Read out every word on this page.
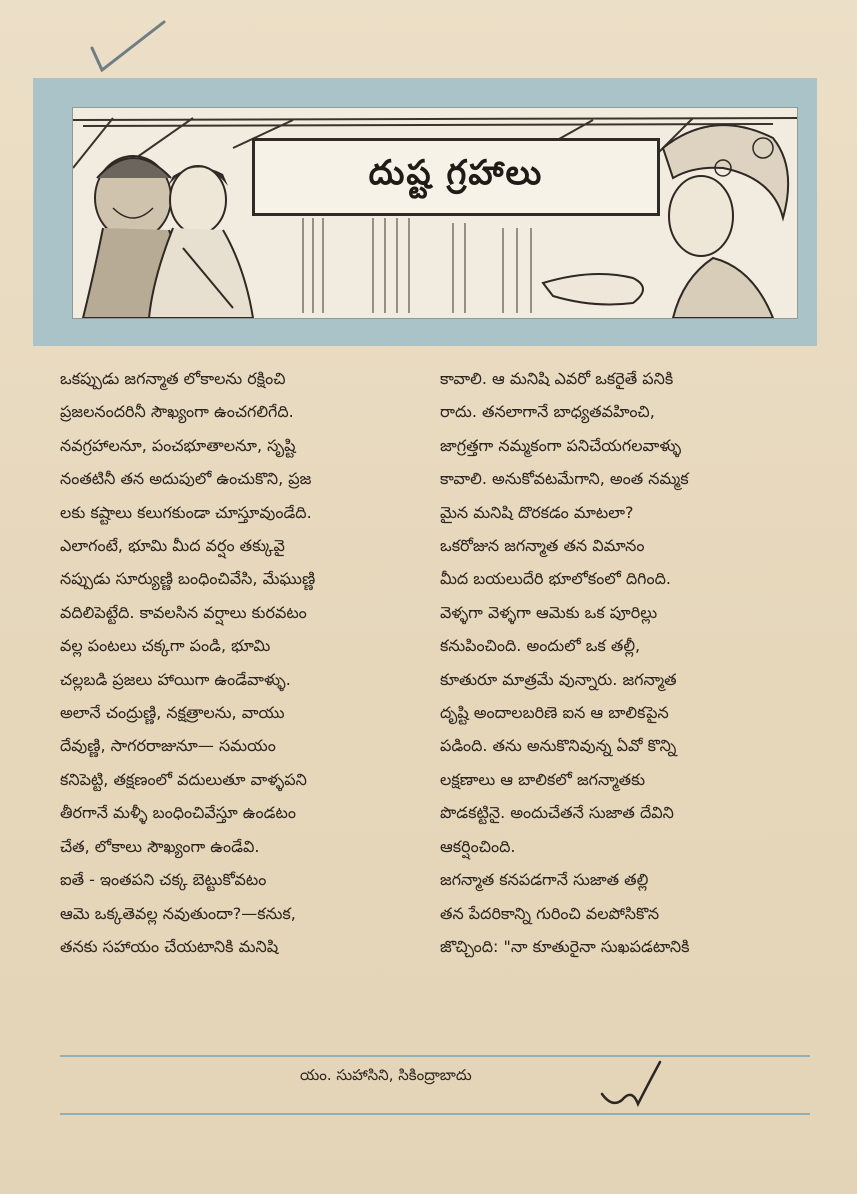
దుష్ట గ్రహాలు

ఒకప్పుడు జగన్మాత లోకాలను రక్షించి

ప్రజలనందరినీ సౌఖ్యంగా ఉంచగలిగేది.

నవగ్రహాలనూ, పంచభూతాలనూ, సృష్టి

నంతటినీ తన అదుపులో ఉంచుకొని, ప్రజ

లకు కష్టాలు కలుగకుండా చూస్తూవుండేది.

ఎలాగంటే, భూమి మీద వర్షం తక్కువై

నప్పుడు సూర్యుణ్ణి బంధించివేసి, మేఘుణ్ణి

వదిలిపెట్టేది. కావలసిన వర్షాలు కురవటం

వల్ల పంటలు చక్కగా పండి, భూమి

చల్లబడి ప్రజలు హాయిగా ఉండేవాళ్ళు.

అలానే చంద్రుణ్ణి, నక్షత్రాలను, వాయు

దేవుణ్ణి, సాగరరాజునూ— సమయం

కనిపెట్టి, తక్షణంలో వదులుతూ వాళ్ళపని

తీరగానే మళ్ళీ బంధించివేస్తూ ఉండటం

చేత, లోకాలు సౌఖ్యంగా ఉండేవి.

ఐతే - ఇంతపని చక్క బెట్టుకోవటం

ఆమె ఒక్కతెవల్ల నవుతుందా?—కనుక,

తనకు సహాయం చేయటానికి మనిషి

కావాలి. ఆ మనిషి ఎవరో ఒకరైతే పనికి

రాదు. తనలాగానే బాధ్యతవహించి,

జాగ్రత్తగా నమ్మకంగా పనిచేయగలవాళ్ళు

కావాలి. అనుకోవటమేగాని, అంత నమ్మక

మైన మనిషి దొరకడం మాటలా?

ఒకరోజున జగన్మాత తన విమానం

మీద బయలుదేరి భూలోకంలో దిగింది.

వెళ్ళగా వెళ్ళగా ఆమెకు ఒక పూరిల్లు

కనుపించింది. అందులో ఒక తల్లీ,

కూతురూ మాత్రమే వున్నారు. జగన్మాత

దృష్టి అందాలబరిణె ఐన ఆ బాలికపైన

పడింది. తను అనుకొనివున్న ఏవో కొన్ని

లక్షణాలు ఆ బాలికలో జగన్మాతకు

పొడకట్టినై. అందుచేతనే సుజాత దేవిని

ఆకర్షించింది.

జగన్మాత కనపడగానే సుజాత తల్లి

తన పేదరికాన్ని గురించి వలపోసికొన

జొచ్చింది: "నా కూతురైనా సుఖపడటానికి

యం. సుహాసిని, సికింద్రాబాదు
